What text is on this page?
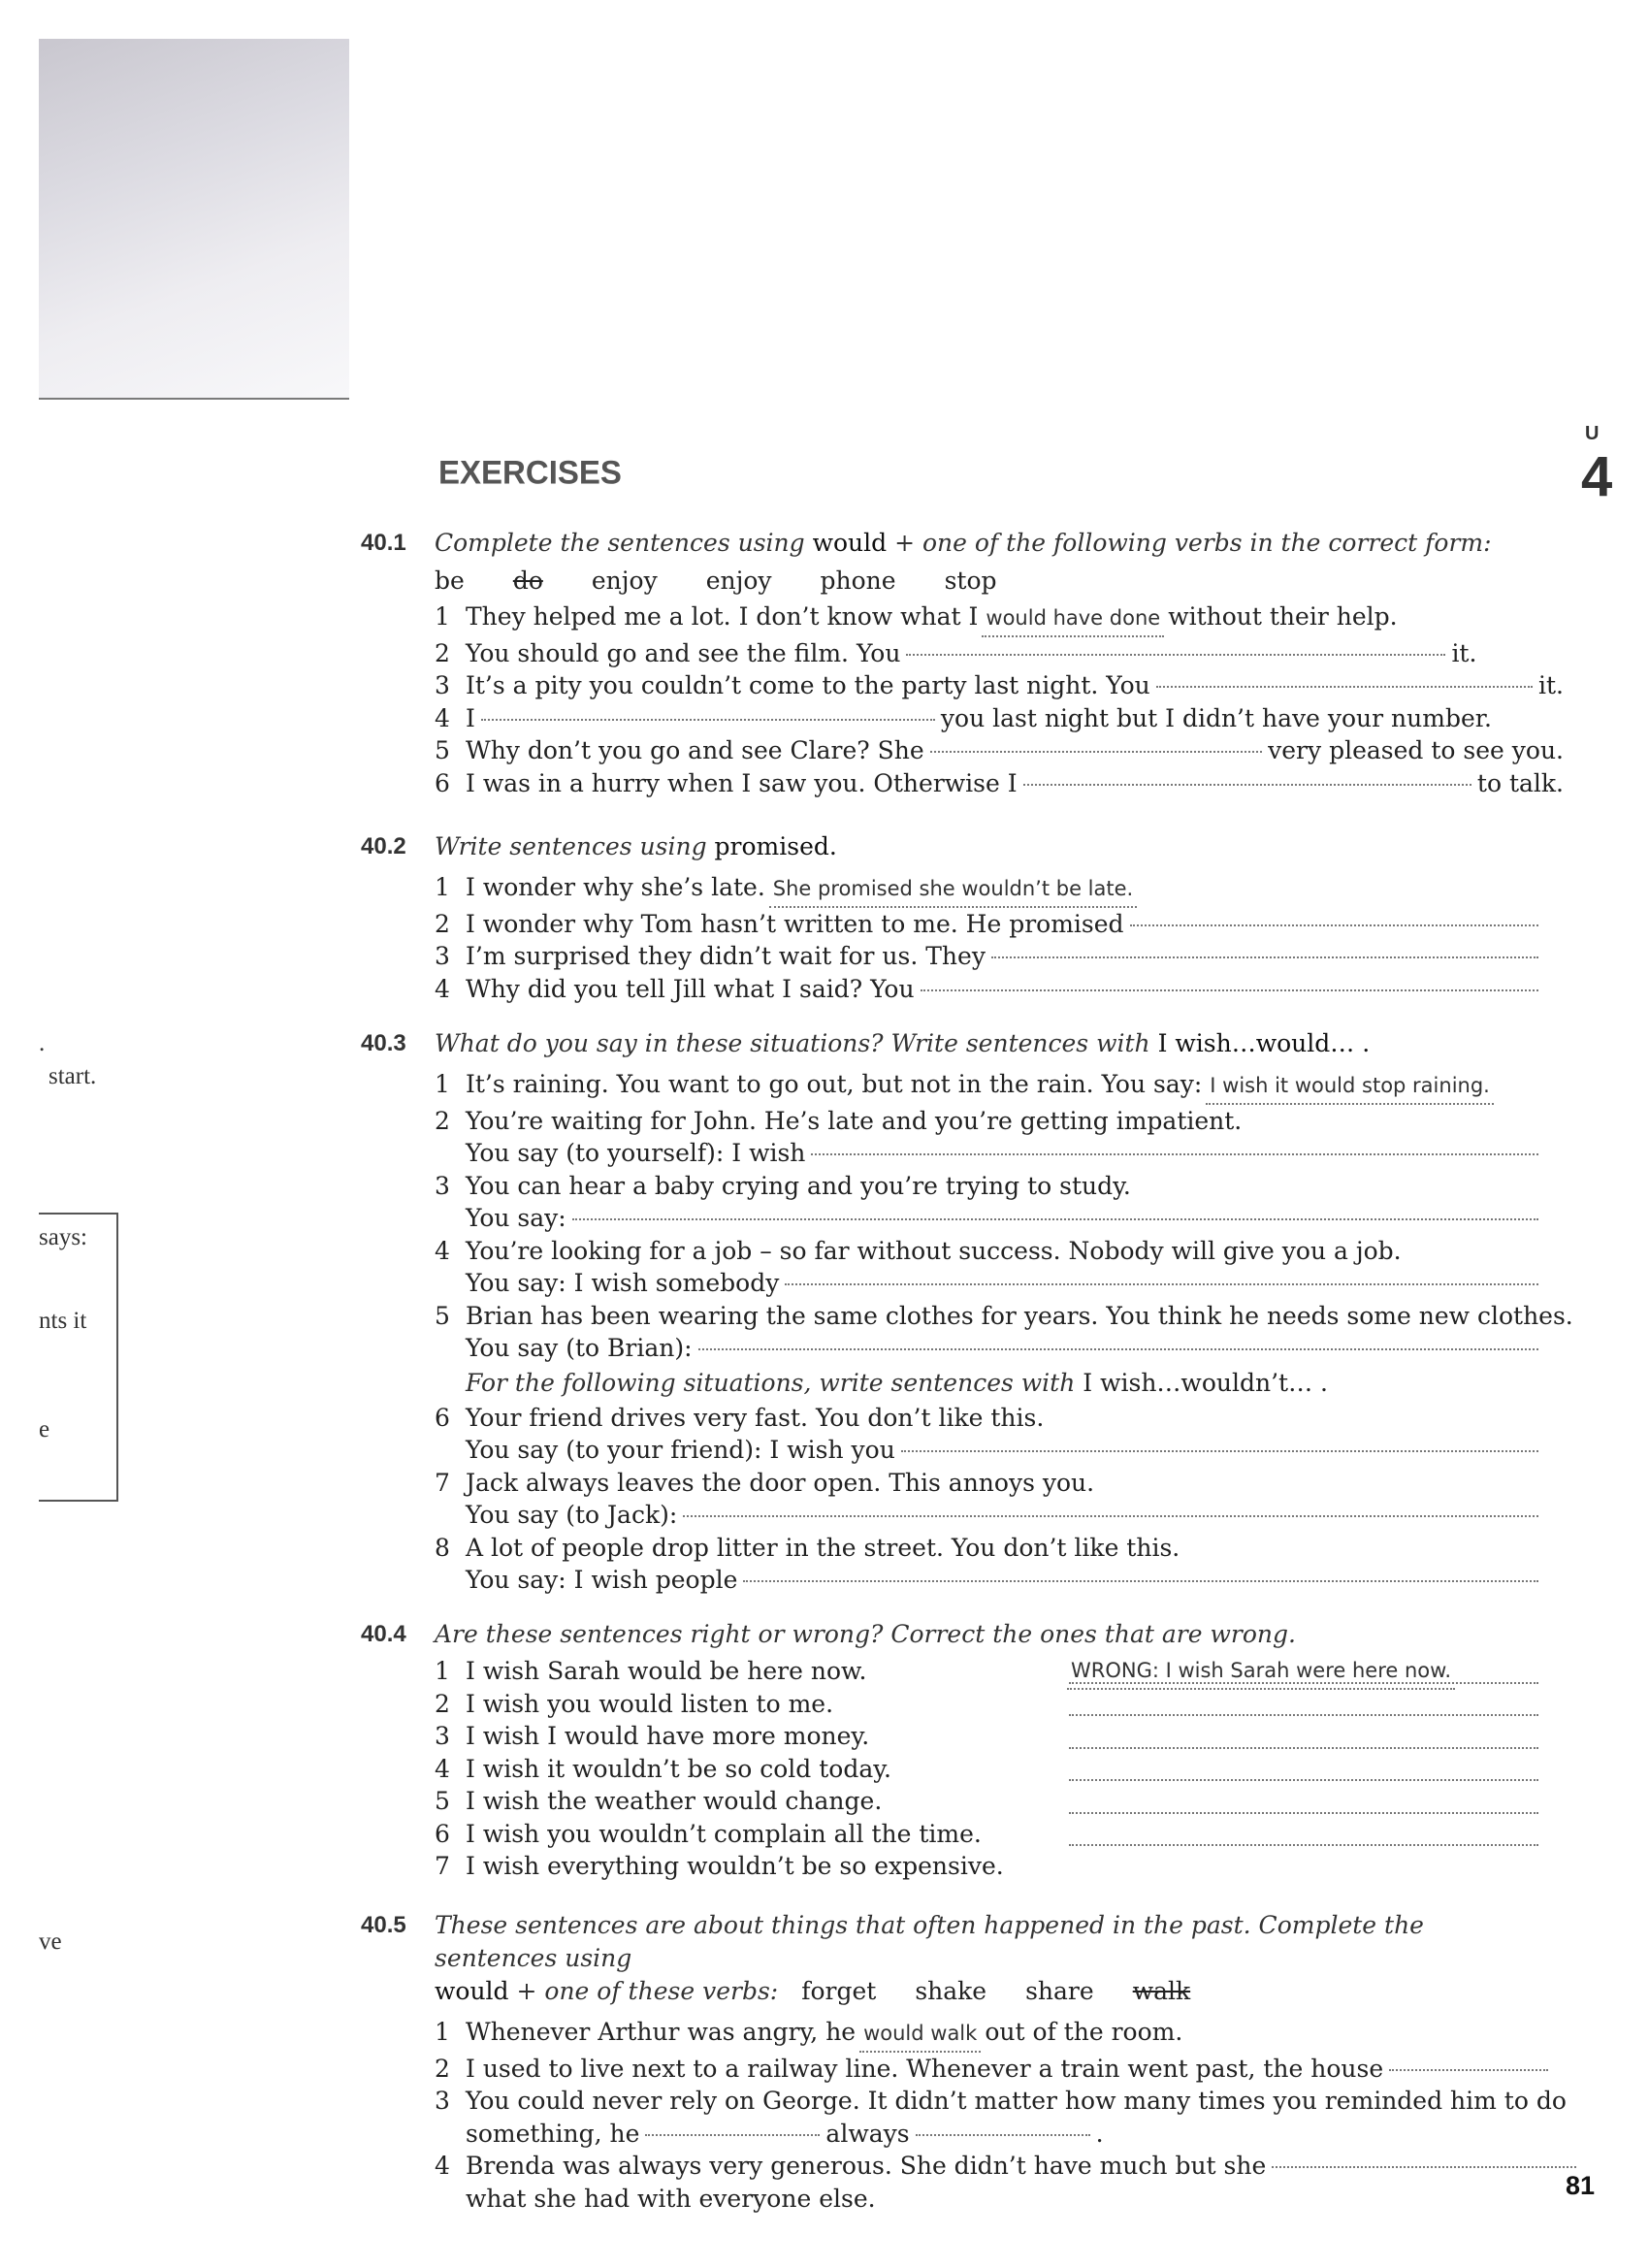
.
start.
says:
nts it
e
ve
U
4
81
EXERCISES
40.1	Complete the sentences using would + one of the following verbs in the correct form:
be do enjoy enjoy phone stop
1 They helped me a lot. I don’t know what I would have done without their help.
2 You should go and see the film. You	it.
3 It’s a pity you couldn’t come to the party last night. You	it.
4 I	you last night but I didn’t have your number.
5 Why don’t you go and see Clare? She	very pleased to see you.
6 I was in a hurry when I saw you. Otherwise I	to talk.
40.2	Write sentences using promised.
1 I wonder why she’s late. She promised she wouldn’t be late.
2 I wonder why Tom hasn’t written to me. He promised
3 I’m surprised they didn’t wait for us. They
4 Why did you tell Jill what I said? You
40.3	What do you say in these situations? Write sentences with I wish…would… .
1 It’s raining. You want to go out, but not in the rain. You say: I wish it would stop raining.
2 You’re waiting for John. He’s late and you’re getting impatient.
You say (to yourself): I wish
3 You can hear a baby crying and you’re trying to study.
You say:
4 You’re looking for a job – so far without success. Nobody will give you a job.
You say: I wish somebody
5 Brian has been wearing the same clothes for years. You think he needs some new clothes.
You say (to Brian):
For the following situations, write sentences with I wish…wouldn’t… .
6 Your friend drives very fast. You don’t like this.
You say (to your friend): I wish you
7 Jack always leaves the door open. This annoys you.
You say (to Jack):
8 A lot of people drop litter in the street. You don’t like this.
You say: I wish people
40.4	Are these sentences right or wrong? Correct the ones that are wrong.
1 I wish Sarah would be here now.	WRONG: I wish Sarah were here now.
2 I wish you would listen to me.
3 I wish I would have more money.
4 I wish it wouldn’t be so cold today.
5 I wish the weather would change.
6 I wish you wouldn’t complain all the time.
7 I wish everything wouldn’t be so expensive.
40.5	These sentences are about things that often happened in the past. Complete the sentences using
would + one of these verbs: forget shake share walk
1 Whenever Arthur was angry, he would walk out of the room.
2 I used to live next to a railway line. Whenever a train went past, the house
3 You could never rely on George. It didn’t matter how many times you reminded him to do
something, he	always	.
4 Brenda was always very generous. She didn’t have much but she
what she had with everyone else.
